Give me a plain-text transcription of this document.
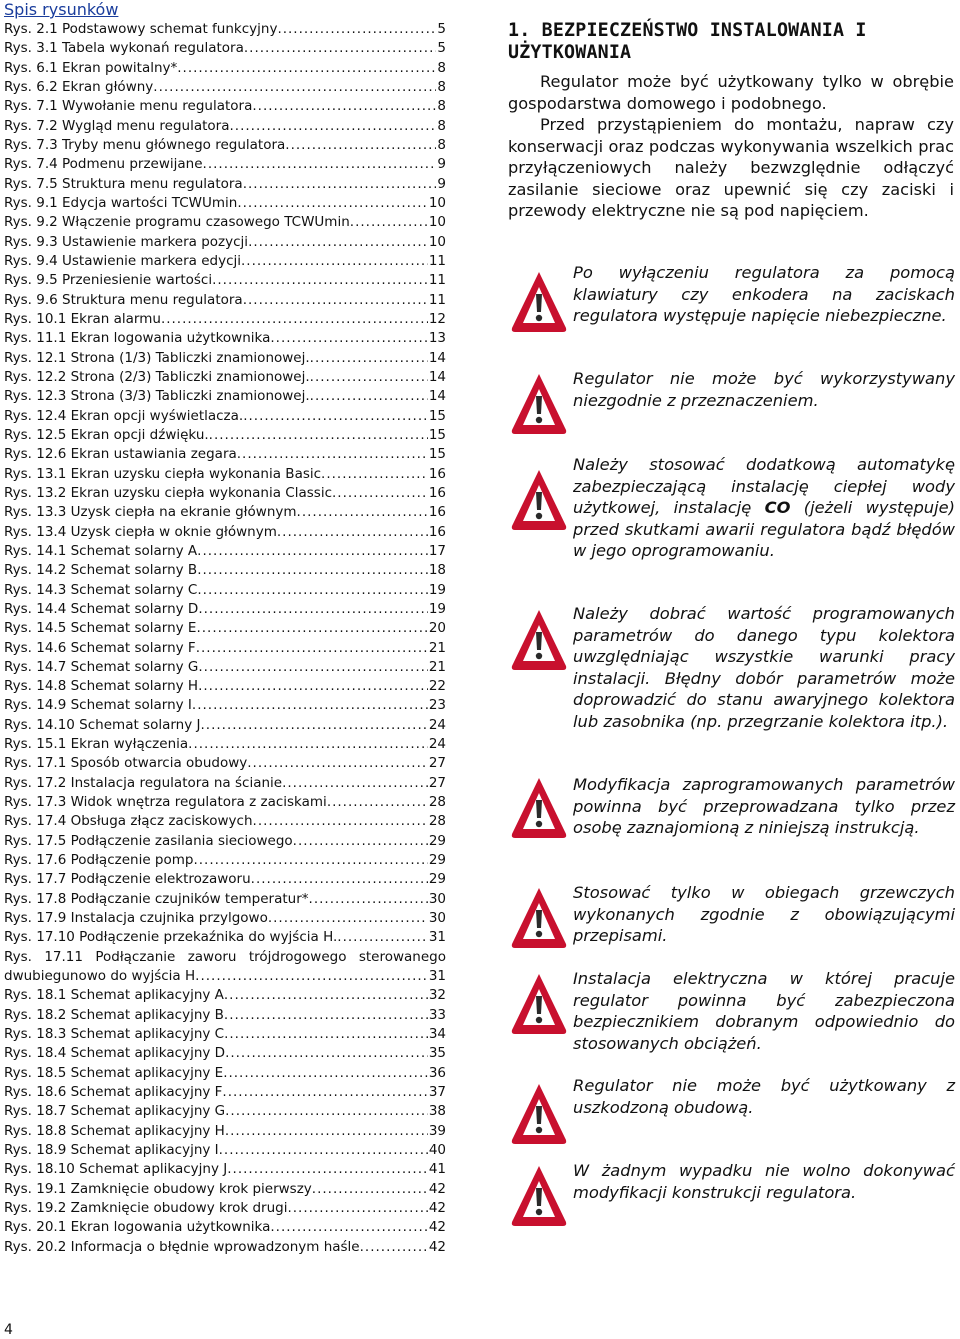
Spis rysunków
Rys. 2.1 Podstawowy schemat funkcyjny .....	5
Rys. 3.1 Tabela wykonań regulatora .....	5
Rys. 6.1 Ekran powitalny* .....	8
Rys. 6.2 Ekran główny .....	8
Rys. 7.1 Wywołanie menu regulatora .....	8
Rys. 7.2 Wygląd menu regulatora .....	8
Rys. 7.3 Tryby menu głównego regulatora .....	8
Rys. 7.4 Podmenu przewijane .....	9
Rys. 7.5 Struktura menu regulatora .....	9
Rys. 9.1 Edycja wartości TCWUmin .....	10
Rys. 9.2 Włączenie programu czasowego TCWUmin .....	10
Rys. 9.3 Ustawienie markera pozycji .....	10
Rys. 9.4 Ustawienie markera edycji .....	11
Rys. 9.5 Przeniesienie wartości .....	11
Rys. 9.6 Struktura menu regulatora .....	11
Rys. 10.1 Ekran alarmu .....	12
Rys. 11.1 Ekran logowania użytkownika .....	13
Rys. 12.1 Strona (1/3) Tabliczki znamionowej. .....	14
Rys. 12.2 Strona (2/3) Tabliczki znamionowej. .....	14
Rys. 12.3 Strona (3/3) Tabliczki znamionowej. .....	14
Rys. 12.4 Ekran opcji wyświetlacza. .....	15
Rys. 12.5 Ekran opcji dźwięku. .....	15
Rys. 12.6 Ekran ustawiania zegara .....	15
Rys. 13.1 Ekran uzysku ciepła wykonania Basic .....	16
Rys. 13.2 Ekran uzysku ciepła wykonania Classic .....	16
Rys. 13.3 Uzysk ciepła na ekranie głównym .....	16
Rys. 13.4 Uzysk ciepła w oknie głównym .....	16
Rys. 14.1 Schemat solarny A .....	17
Rys. 14.2 Schemat solarny B .....	18
Rys. 14.3 Schemat solarny C .....	19
Rys. 14.4 Schemat solarny D .....	19
Rys. 14.5 Schemat solarny E .....	20
Rys. 14.6 Schemat solarny F .....	21
Rys. 14.7 Schemat solarny G .....	21
Rys. 14.8 Schemat solarny H .....	22
Rys. 14.9 Schemat solarny I .....	23
Rys. 14.10 Schemat solarny J .....	24
Rys. 15.1 Ekran wyłączenia .....	24
Rys. 17.1 Sposób otwarcia obudowy .....	27
Rys. 17.2 Instalacja regulatora na ścianie .....	27
Rys. 17.3 Widok wnętrza regulatora z zaciskami .....	28
Rys. 17.4 Obsługa złącz zaciskowych .....	28
Rys. 17.5 Podłączenie zasilania sieciowego .....	29
Rys. 17.6 Podłączenie pomp .....	29
Rys. 17.7 Podłączenie elektrozaworu .....	29
Rys. 17.8 Podłączanie czujników temperatur* .....	30
Rys. 17.9 Instalacja czujnika przylgowo .....	30
Rys. 17.10 Podłączenie przekaźnika do wyjścia H. .....	31
Rys. 17.11 Podłączanie zaworu trójdrogowego sterowanego
dwubiegunowo do wyjścia H .....	31
Rys. 18.1 Schemat aplikacyjny A .....	32
Rys. 18.2 Schemat aplikacyjny B .....	33
Rys. 18.3 Schemat aplikacyjny C .....	34
Rys. 18.4 Schemat aplikacyjny D .....	35
Rys. 18.5 Schemat aplikacyjny E .....	36
Rys. 18.6 Schemat aplikacyjny F .....	37
Rys. 18.7 Schemat aplikacyjny G .....	38
Rys. 18.8 Schemat aplikacyjny H .....	39
Rys. 18.9 Schemat aplikacyjny I .....	40
Rys. 18.10 Schemat aplikacyjny J .....	41
Rys. 19.1 Zamknięcie obudowy krok pierwszy .....	42
Rys. 19.2 Zamknięcie obudowy krok drugi .....	42
Rys. 20.1 Ekran logowania użytkownika .....	42
Rys. 20.2 Informacja o błędnie wprowadzonym haśle .....	42
4
1. BEZPIECZEŃSTWO INSTALOWANIA I
UŻYTKOWANIA

Regulator może być użytkowany tylko w obrębie gospodarstwa domowego i podobnego.

Przed przystąpieniem do montażu, napraw czy konserwacji oraz podczas wykonywania wszelkich prac przyłączeniowych należy bezwzględnie odłączyć zasilanie sieciowe oraz upewnić się czy zaciski i przewody elektryczne nie są pod napięciem.

Po wyłączeniu regulatora za pomocą klawiatury czy enkodera na zaciskach regulatora występuje napięcie niebezpieczne.

Regulator nie może być wykorzystywany niezgodnie z przeznaczeniem.

Należy stosować dodatkową automatykę zabezpieczającą instalację ciepłej wody użytkowej, instalację CO (jeżeli występuje) przed skutkami awarii regulatora bądź błędów w jego oprogramowaniu.

Należy dobrać wartość programowanych parametrów do danego typu kolektora uwzględniając wszystkie warunki pracy instalacji. Błędny dobór parametrów może doprowadzić do stanu awaryjnego kolektora lub zasobnika (np. przegrzanie kolektora itp.).

Modyfikacja zaprogramowanych parametrów powinna być przeprowadzana tylko przez osobę zaznajomioną z niniejszą instrukcją.

Stosować tylko w obiegach grzewczych wykonanych zgodnie z obowiązującymi przepisami.

Instalacja elektryczna w której pracuje regulator powinna być zabezpieczona bezpiecznikiem dobranym odpowiednio do stosowanych obciążeń.

Regulator nie może być użytkowany z uszkodzoną obudową.

W żadnym wypadku nie wolno dokonywać modyfikacji konstrukcji regulatora.
